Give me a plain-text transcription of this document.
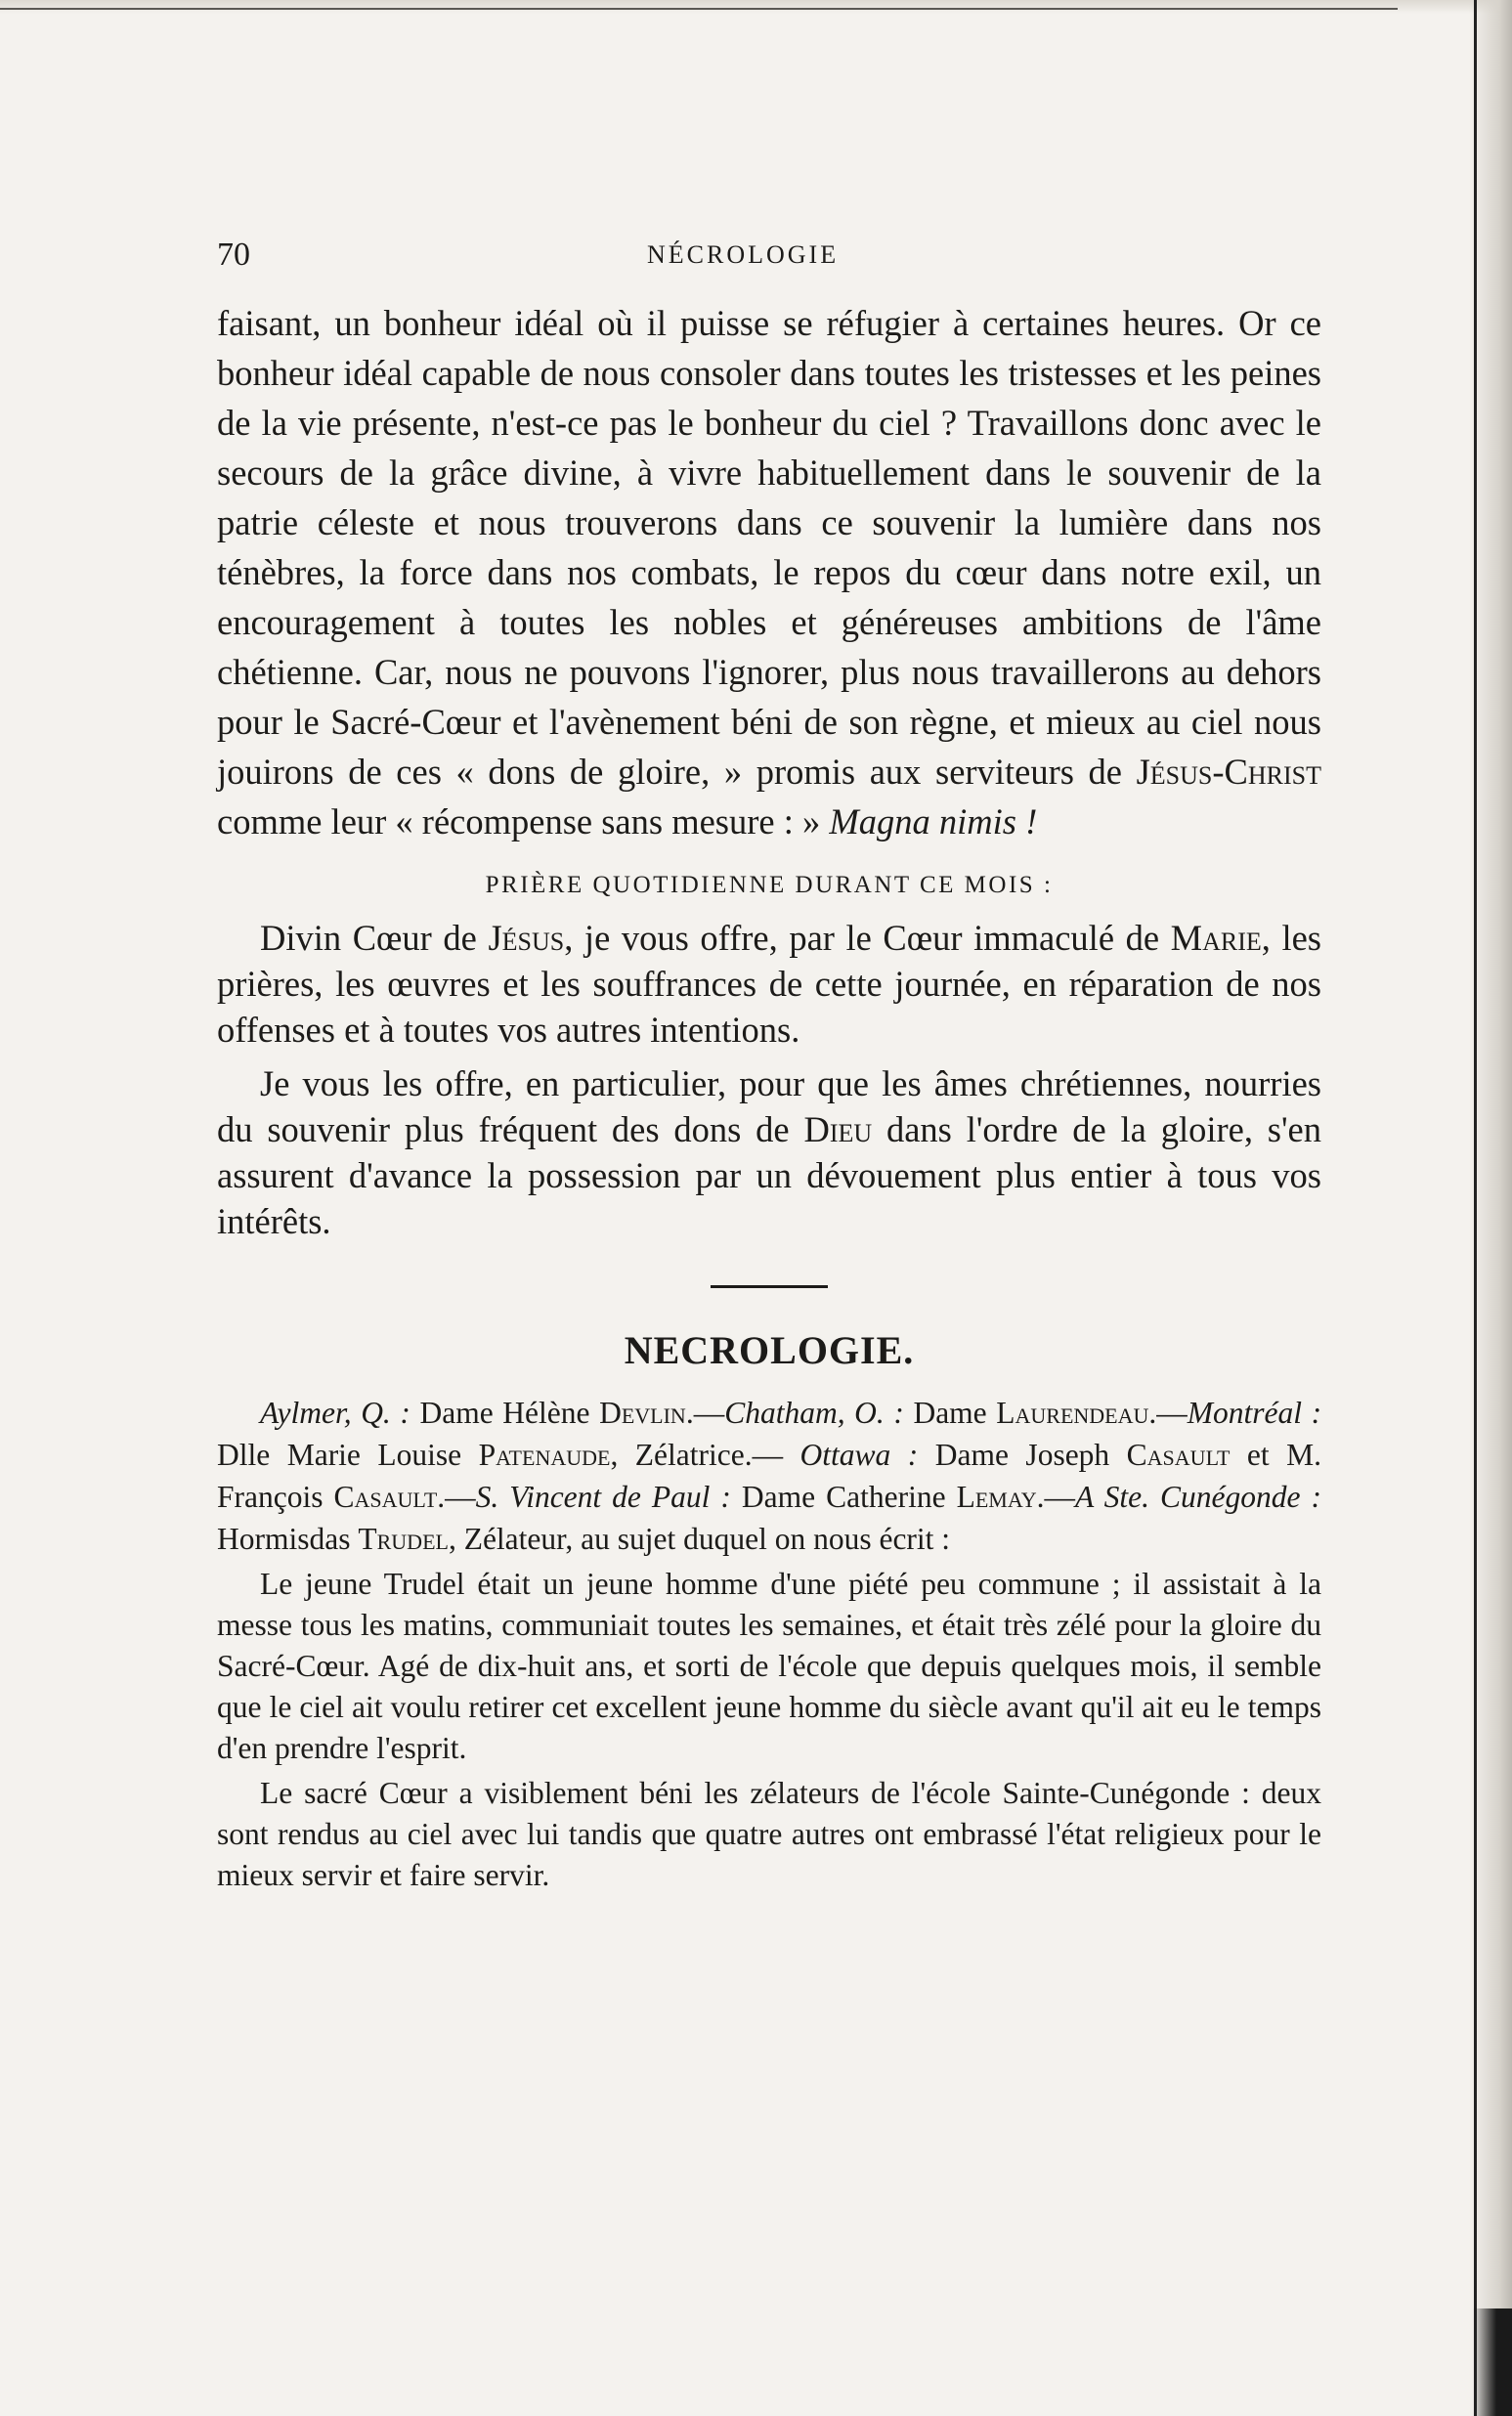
70	NÉCROLOGIE

faisant, un bonheur idéal où il puisse se réfugier à certaines heures. Or ce bonheur idéal capable de nous consoler dans toutes les tristesses et les peines de la vie présente, n'est-ce pas le bonheur du ciel ? Travaillons donc avec le secours de la grâce divine, à vivre habituellement dans le souvenir de la patrie céleste et nous trouverons dans ce souvenir la lumière dans nos ténèbres, la force dans nos combats, le repos du cœur dans notre exil, un encouragement à toutes les nobles et généreuses ambitions de l'âme chétienne. Car, nous ne pouvons l'ignorer, plus nous travaillerons au dehors pour le Sacré-Cœur et l'avènement béni de son règne, et mieux au ciel nous jouirons de ces « dons de gloire, » promis aux serviteurs de Jésus-Christ comme leur « récompense sans mesure : » Magna nimis !

PRIÈRE QUOTIDIENNE DURANT CE MOIS :

Divin Cœur de Jésus, je vous offre, par le Cœur immaculé de Marie, les prières, les œuvres et les souffrances de cette journée, en réparation de nos offenses et à toutes vos autres intentions.

Je vous les offre, en particulier, pour que les âmes chrétiennes, nourries du souvenir plus fréquent des dons de Dieu dans l'ordre de la gloire, s'en assurent d'avance la possession par un dévouement plus entier à tous vos intérêts.

NECROLOGIE.

Aylmer, Q. : Dame Hélène Devlin.—Chatham, O. : Dame Laurendeau.—Montréal : Dlle Marie Louise Patenaude, Zélatrice.— Ottawa : Dame Joseph Casault et M. François Casault.—S. Vincent de Paul : Dame Catherine Lemay.—A Ste. Cunégonde : Hormisdas Trudel, Zélateur, au sujet duquel on nous écrit :

Le jeune Trudel était un jeune homme d'une piété peu commune ; il assistait à la messe tous les matins, communiait toutes les semaines, et était très zélé pour la gloire du Sacré-Cœur. Agé de dix-huit ans, et sorti de l'école que depuis quelques mois, il semble que le ciel ait voulu retirer cet excellent jeune homme du siècle avant qu'il ait eu le temps d'en prendre l'esprit.

Le sacré Cœur a visiblement béni les zélateurs de l'école Sainte-Cunégonde : deux sont rendus au ciel avec lui tandis que quatre autres ont embrassé l'état religieux pour le mieux servir et faire servir.
